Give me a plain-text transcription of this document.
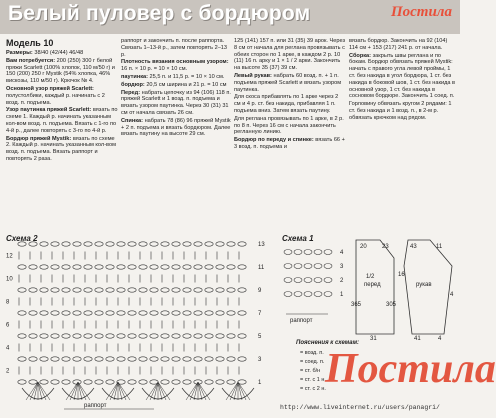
Белый пуловер с бордюром	Постила
Модель 10

Размеры: 38/40 (42/44) 46/48

Вам потребуется: 200 (250) 300 г белой пряжи Scarlett (100% хлопок, 110 м/50 г) и 150 (200) 250 г Mystik (54% хлопка, 46% вискозы, 110 м/50 г). Крючок № 4.

Основной узор пряжей Scarlett: полустолбики, каждый р. начинать с 2 возд. п. подъема.

Узор паутинка пряжей Scarlett: вязать по схеме 1. Каждый р. начинать указанным кол-вом возд. п. подъема. Вязать с 1-го по 4-й р., далее повторять с 3-го по 4-й р.

Бордюр пряжей Mystik: вязать по схеме 2. Каждый р. начинать указанным кол-вом возд. п. подъема. Вязать раппорт и повторять 2 раза.

раппорт и закончить п. после раппорта. Связать 1–13-й р., затем повторять 2–13 р.

Плотность вязания основным узором: 16 п. × 10 р. = 10 × 10 см.

паутинка: 25,5 п. и 11,5 р. = 10 × 10 см.

бордюр: 20,5 см ширина и 21 р. = 10 см

Перед: набрать цепочку из 94 (106) 118 п. пряжей Scarlett и 1 возд. п. подъема и вязать узором паутинка. Через 30 (31) 31 см от начала связать 26 см.

Спинка: набрать 78 (86) 96 пряжей Mystik + 2 п. подъема и вязать бордюром. Далее вязать паутину на высоте 29 см.

125 (141) 157 п. или 31 (35) 39 арок. Через 8 см от начала для реглана провязывать с обеих сторон по 1 арке, в каждом 2 р. 10 (11) 16 п. арку и 1 × 1 / 2 арки. Закончить на высоте 35 (37) 39 см.

Левый рукав: набрать 60 возд. п. + 1 п. подъема пряжей Scarlett и вязать узором паутинка.

Для скоса прибавлять по 1 арке через 2 см и 4 р. ст. без накида, прибавляя 1 п. подъема вниз. Затем вязать паутину.

Для реглана провязывать по 1 арке, в 2 р. по 8 п. Через 16 см с начала закончить регланную линию.

Бордюр по переду и спинке: вязать 66 + 3 возд. п. подъема и

вязать бордюр. Закончить на 92 (104) 114 см + 153 (217) 241 р. от начала.

Сборка: закрыть швы реглана и по бокам. Бордюр обвязать пряжей Mystik: начать с правого угла левой проймы, 1 ст. без накида в угол бордюра, 1 ст. без накида в боковой шов, 1 ст. без накида в основной узор, 1 ст. без накида в сосновом бордюре. Закончить 1 соед. п.

Горловину обвязать кругом 2 рядами: 1 ст. без накида и 1 возд. п., в 2-м р. обвязать крючком над рядом.

Схема 2
раппорт
12
10
8
6
4
2
13
11
9
7
5
3
1
Схема 1
4
3
2
1
раппорт
перед
1/2
рукав
20	23
16
365	305
43	11
4
41
31	4
Пояснения к схемам:
= возд. п.
= соед. п.
= ст. б/н
= ст. с 1 н.
= ст. с 2 н. Постила
http://www.liveinternet.ru/users/panagri/
